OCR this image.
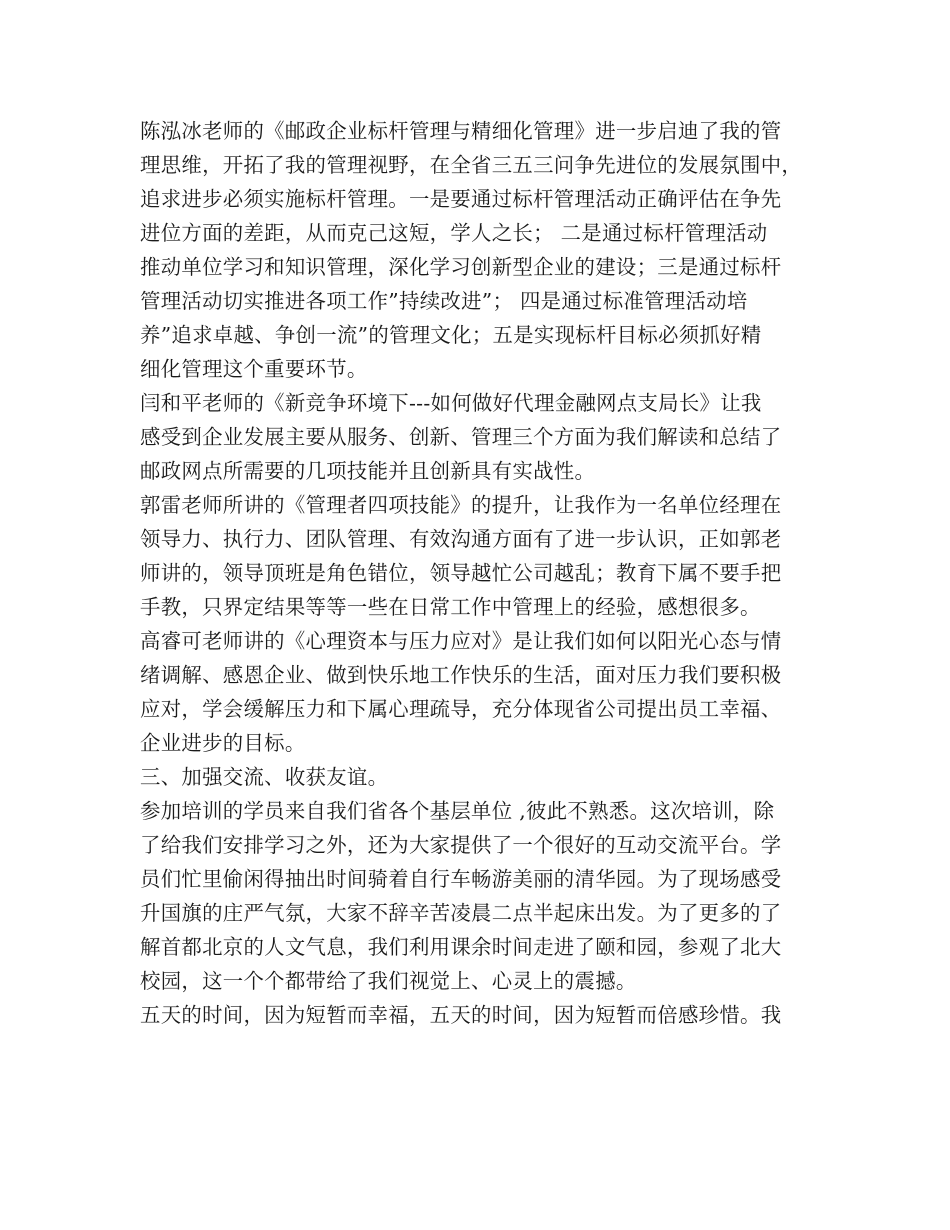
陈泓冰老师的《邮政企业标杆管理与精细化管理》进一步启迪了我的管
理思维，开拓了我的管理视野，在全省三五三问争先进位的发展氛围中，
追求进步必须实施标杆管理。一是要通过标杆管理活动正确评估在争先
进位方面的差距，从而克己这短，学人之长； 二是通过标杆管理活动
推动单位学习和知识管理，深化学习创新型企业的建设；三是通过标杆
管理活动切实推进各项工作”持续改进”； 四是通过标准管理活动培
养”追求卓越、争创一流”的管理文化；五是实现标杆目标必须抓好精
细化管理这个重要环节。
闫和平老师的《新竞争环境下---如何做好代理金融网点支局长》让我
感受到企业发展主要从服务、创新、管理三个方面为我们解读和总结了
邮政网点所需要的几项技能并且创新具有实战性。
郭雷老师所讲的《管理者四项技能》的提升，让我作为一名单位经理在
领导力、执行力、团队管理、有效沟通方面有了进一步认识，正如郭老
师讲的，领导顶班是角色错位，领导越忙公司越乱；教育下属不要手把
手教，只界定结果等等一些在日常工作中管理上的经验，感想很多。
高睿可老师讲的《心理资本与压力应对》是让我们如何以阳光心态与情
绪调解、感恩企业、做到快乐地工作快乐的生活，面对压力我们要积极
应对，学会缓解压力和下属心理疏导，充分体现省公司提出员工幸福、
企业进步的目标。
三、加强交流、收获友谊。
参加培训的学员来自我们省各个基层单位 ,彼此不熟悉。这次培训，除
了给我们安排学习之外，还为大家提供了一个很好的互动交流平台。学
员们忙里偷闲得抽出时间骑着自行车畅游美丽的清华园。为了现场感受
升国旗的庄严气氛，大家不辞辛苦凌晨二点半起床出发。为了更多的了
解首都北京的人文气息，我们利用课余时间走进了颐和园，参观了北大
校园，这一个个都带给了我们视觉上、心灵上的震撼。
五天的时间，因为短暂而幸福，五天的时间，因为短暂而倍感珍惜。我
